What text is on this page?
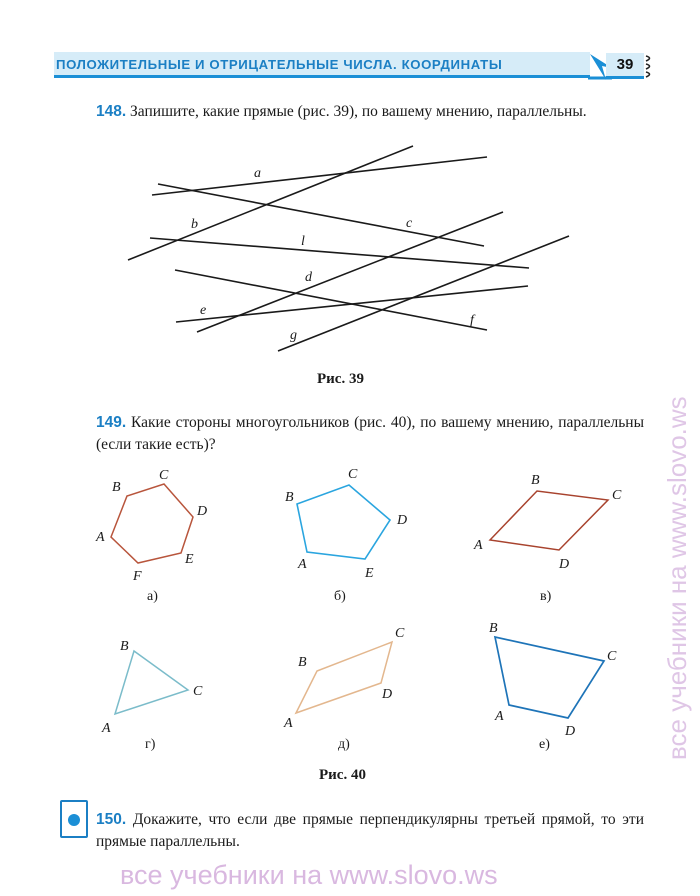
ПОЛОЖИТЕЛЬНЫЕ И ОТРИЦАТЕЛЬНЫЕ ЧИСЛА. КООРДИНАТЫ	39
148. Запишите, какие прямые (рис. 39), по вашему мнению, параллельны.
a
b	c
l
d
e
f
g
Рис. 39
149. Какие стороны многоугольников (рис. 40), по вашему мнению, параллельны (если такие есть)?
A
B
C
D
E
F
A
B
C
D
E
A
B
C
D
A
B
C
A
B
C
D
A
B
C
D
а)	б)	в)
г)	д)	е)
Рис. 40
150. Докажите, что если две прямые перпендикулярны третьей прямой, то эти прямые параллельны.
все учебники на www.slovo.ws
все учебники на www.slovo.ws
